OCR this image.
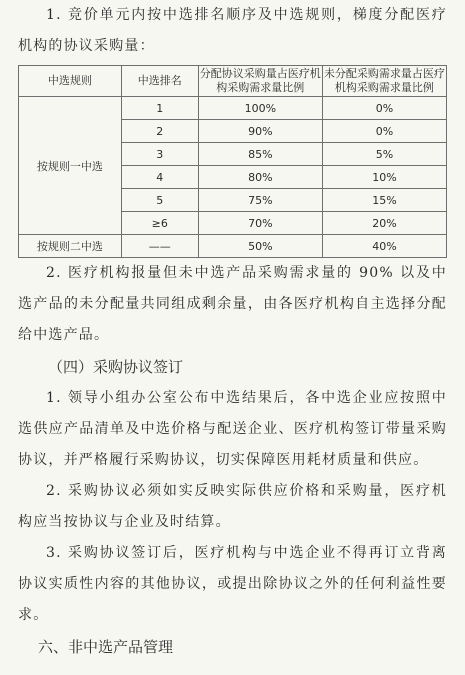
1. 竞价单元内按中选排名顺序及中选规则，梯度分配医疗机构的协议采购量：

中选规则	中选排名	分配协议采购量占医疗机构采购需求量比例	未分配采购需求量占医疗机构采购需求量比例
按规则一中选	1	100%	0%
	2	90%	0%
	3	85%	5%
	4	80%	10%
	5	75%	15%
	≥6	70%	20%
按规则二中选	——	50%	40%

2. 医疗机构报量但未中选产品采购需求量的 90% 以及中选产品的未分配量共同组成剩余量，由各医疗机构自主选择分配给中选产品。

（四）采购协议签订

1. 领导小组办公室公布中选结果后，各中选企业应按照中选供应产品清单及中选价格与配送企业、医疗机构签订带量采购协议，并严格履行采购协议，切实保障医用耗材质量和供应。

2. 采购协议必须如实反映实际供应价格和采购量，医疗机构应当按协议与企业及时结算。

3. 采购协议签订后，医疗机构与中选企业不得再订立背离协议实质性内容的其他协议，或提出除协议之外的任何利益性要求。

六、非中选产品管理
